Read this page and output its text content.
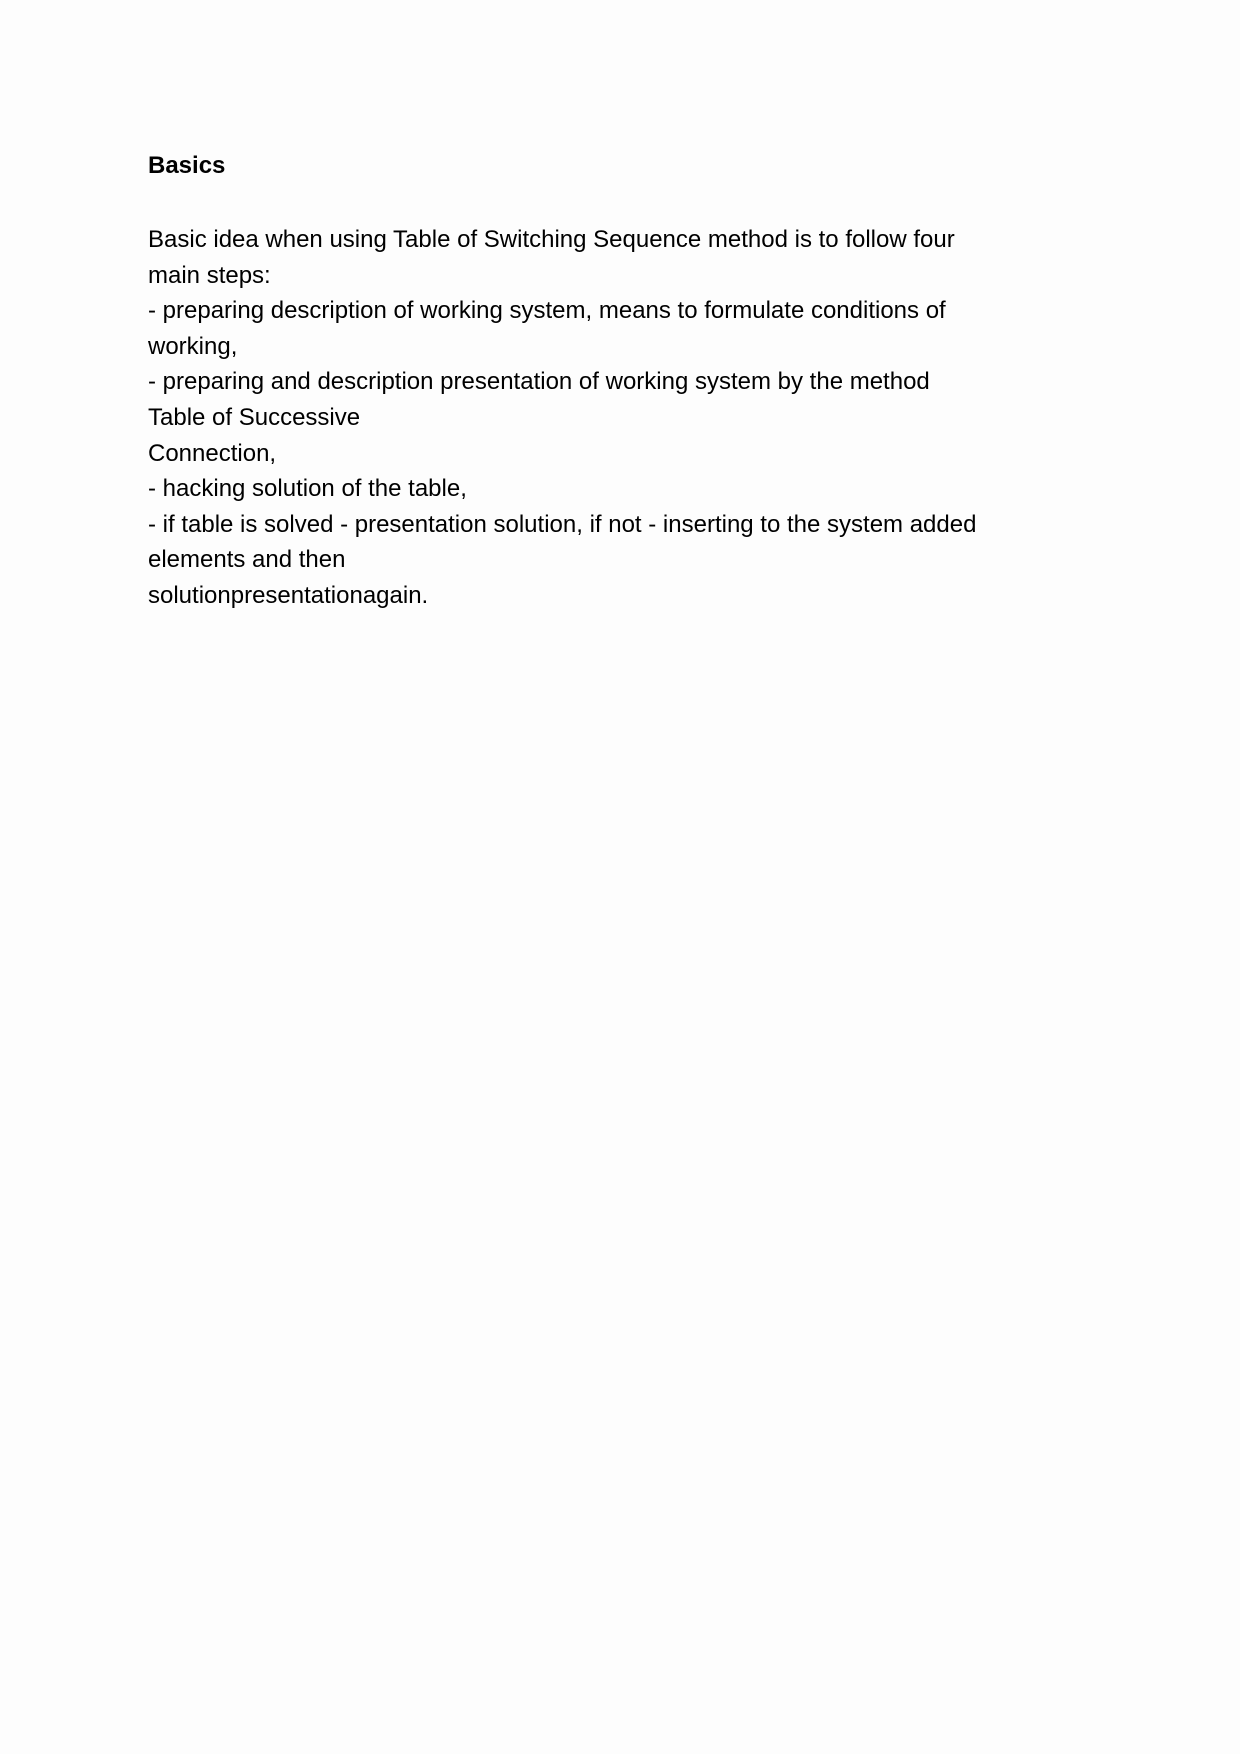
Basics
Basic idea when using Table of Switching Sequence method is to follow four
main steps:
- preparing description of working system, means to formulate conditions of
working,
- preparing and description presentation of working system by the method
Table of Successive
Connection,
- hacking solution of the table,
- if table is solved - presentation solution, if not - inserting to the system added
elements and then
solutionpresentationagain.
